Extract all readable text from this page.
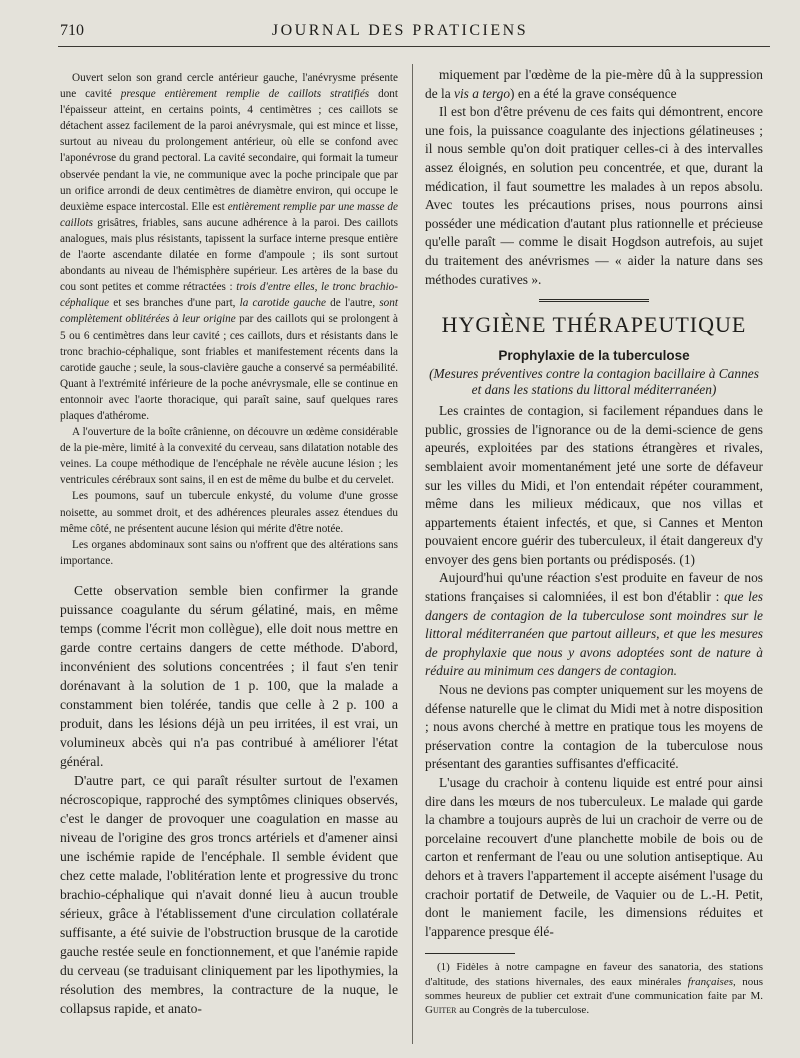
710	JOURNAL DES PRATICIENS

Ouvert selon son grand cercle antérieur gauche, l'anévrysme présente une cavité presque entièrement remplie de caillots stratifiés dont l'épaisseur atteint, en certains points, 4 centimètres ; ces caillots se détachent assez facilement de la paroi anévrysmale, qui est mince et lisse, surtout au niveau du prolongement antérieur, où elle se confond avec l'aponévrose du grand pectoral. La cavité secondaire, qui formait la tumeur observée pendant la vie, ne communique avec la poche principale que par un orifice arrondi de deux centimètres de diamètre environ, qui occupe le deuxième espace intercostal. Elle est entièrement remplie par une masse de caillots grisâtres, friables, sans aucune adhérence à la paroi. Des caillots analogues, mais plus résistants, tapissent la surface interne presque entière de l'aorte ascendante dilatée en forme d'ampoule ; ils sont surtout abondants au niveau de l'hémisphère supérieur. Les artères de la base du cou sont petites et comme rétractées : trois d'entre elles, le tronc brachio-céphalique et ses branches d'une part, la carotide gauche de l'autre, sont complètement oblitérées à leur origine par des caillots qui se prolongent à 5 ou 6 centimètres dans leur cavité ; ces caillots, durs et résistants dans le tronc brachio-céphalique, sont friables et manifestement récents dans la carotide gauche ; seule, la sous-clavière gauche a conservé sa perméabilité. Quant à l'extrémité inférieure de la poche anévrysmale, elle se continue en entonnoir avec l'aorte thoracique, qui paraît saine, sauf quelques rares plaques d'athérome.

A l'ouverture de la boîte crânienne, on découvre un œdème considérable de la pie-mère, limité à la convexité du cerveau, sans dilatation notable des veines. La coupe méthodique de l'encéphale ne révèle aucune lésion ; les ventricules cérébraux sont sains, il en est de même du bulbe et du cervelet.

Les poumons, sauf un tubercule enkysté, du volume d'une grosse noisette, au sommet droit, et des adhérences pleurales assez étendues du même côté, ne présentent aucune lésion qui mérite d'être notée.

Les organes abdominaux sont sains ou n'offrent que des altérations sans importance.

Cette observation semble bien confirmer la grande puissance coagulante du sérum gélatiné, mais, en même temps (comme l'écrit mon collègue), elle doit nous mettre en garde contre certains dangers de cette méthode. D'abord, inconvénient des solutions concentrées ; il faut s'en tenir dorénavant à la solution de 1 p. 100, que la malade a constamment bien tolérée, tandis que celle à 2 p. 100 a produit, dans les lésions déjà un peu irritées, il est vrai, un volumineux abcès qui n'a pas contribué à améliorer l'état général.

D'autre part, ce qui paraît résulter surtout de l'examen nécroscopique, rapproché des symptômes cliniques observés, c'est le danger de provoquer une coagulation en masse au niveau de l'origine des gros troncs artériels et d'amener ainsi une ischémie rapide de l'encéphale. Il semble évident que chez cette malade, l'oblitération lente et progressive du tronc brachio-céphalique qui n'avait donné lieu à aucun trouble sérieux, grâce à l'établissement d'une circulation collatérale suffisante, a été suivie de l'obstruction brusque de la carotide gauche restée seule en fonctionnement, et que l'anémie rapide du cerveau (se traduisant cliniquement par les lipothymies, la résolution des membres, la contracture de la nuque, le collapsus rapide, et anato-

miquement par l'œdème de la pie-mère dû à la suppression de la vis a tergo) en a été la grave conséquence

Il est bon d'être prévenu de ces faits qui démontrent, encore une fois, la puissance coagulante des injections gélatineuses ; il nous semble qu'on doit pratiquer celles-ci à des intervalles assez éloignés, en solution peu concentrée, et que, durant la médication, il faut soumettre les malades à un repos absolu. Avec toutes les précautions prises, nous pourrons ainsi posséder une médication d'autant plus rationnelle et précieuse qu'elle paraît — comme le disait Hogdson autrefois, au sujet du traitement des anévrismes — « aider la nature dans ses méthodes curatives ».

HYGIÈNE THÉRAPEUTIQUE
Prophylaxie de la tuberculose
(Mesures préventives contre la contagion bacillaire à Cannes
et dans les stations du littoral méditerranéen)

Les craintes de contagion, si facilement répandues dans le public, grossies de l'ignorance ou de la demi-science de gens apeurés, exploitées par des stations étrangères et rivales, semblaient avoir momentanément jeté une sorte de défaveur sur les villes du Midi, et l'on entendait répéter couramment, même dans les milieux médicaux, que nos villas et appartements étaient infectés, et que, si Cannes et Menton pouvaient encore guérir des tuberculeux, il était dangereux d'y envoyer des gens bien portants ou prédisposés. (1)

Aujourd'hui qu'une réaction s'est produite en faveur de nos stations françaises si calomniées, il est bon d'établir : que les dangers de contagion de la tuberculose sont moindres sur le littoral méditerranéen que partout ailleurs, et que les mesures de prophylaxie que nous y avons adoptées sont de nature à réduire au minimum ces dangers de contagion.

Nous ne devions pas compter uniquement sur les moyens de défense naturelle que le climat du Midi met à notre disposition ; nous avons cherché à mettre en pratique tous les moyens de préservation contre la contagion de la tuberculose nous présentant des garanties suffisantes d'efficacité.

L'usage du crachoir à contenu liquide est entré pour ainsi dire dans les mœurs de nos tuberculeux. Le malade qui garde la chambre a toujours auprès de lui un crachoir de verre ou de porcelaine recouvert d'une planchette mobile de bois ou de carton et renfermant de l'eau ou une solution antiseptique. Au dehors et à travers l'appartement il accepte aisément l'usage du crachoir portatif de Detweile, de Vaquier ou de L.-H. Petit, dont le maniement facile, les dimensions réduites et l'apparence presque élé-

(1) Fidèles à notre campagne en faveur des sanatoria, des stations d'altitude, des stations hivernales, des eaux minérales françaises, nous sommes heureux de publier cet extrait d'une communication faite par M. Guiter au Congrès de la tuberculose.
